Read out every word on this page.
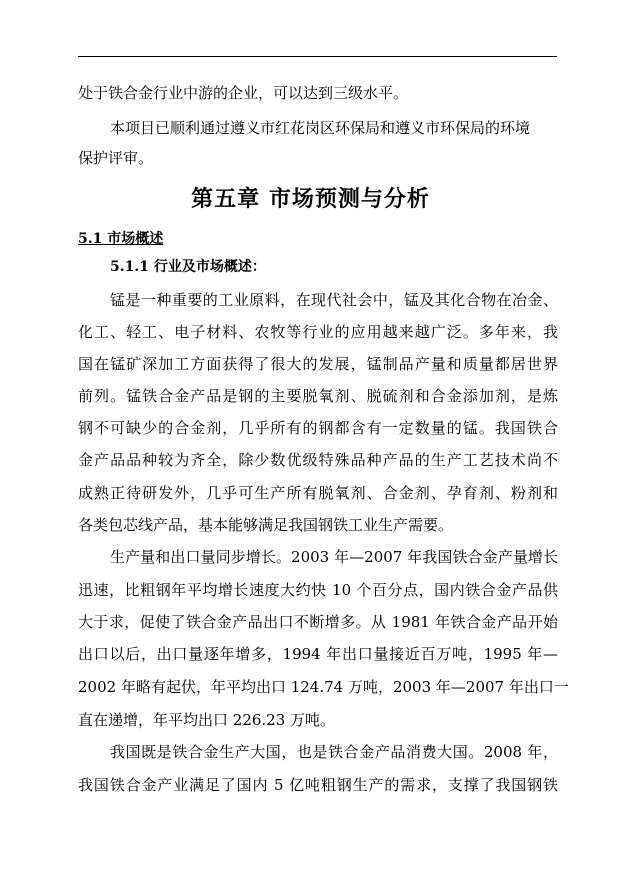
处于铁合金行业中游的企业，可以达到三级水平。
本项目已顺利通过遵义市红花岗区环保局和遵义市环保局的环境
保护评审。
第五章 市场预测与分析
5.1 市场概述
5.1.1 行业及市场概述：
锰是一种重要的工业原料，在现代社会中，锰及其化合物在冶金、
化工、轻工、电子材料、农牧等行业的应用越来越广泛。多年来，我
国在锰矿深加工方面获得了很大的发展，锰制品产量和质量都居世界
前列。锰铁合金产品是钢的主要脱氧剂、脱硫剂和合金添加剂，是炼
钢不可缺少的合金剂，几乎所有的钢都含有一定数量的锰。我国铁合
金产品品种较为齐全，除少数优级特殊品种产品的生产工艺技术尚不
成熟正待研发外，几乎可生产所有脱氧剂、合金剂、孕育剂、粉剂和
各类包芯线产品，基本能够满足我国钢铁工业生产需要。
生产量和出口量同步增长。2003 年—2007 年我国铁合金产量增长
迅速，比粗钢年平均增长速度大约快 10 个百分点，国内铁合金产品供
大于求，促使了铁合金产品出口不断增多。从 1981 年铁合金产品开始
出口以后，出口量逐年增多，1994 年出口量接近百万吨，1995 年—
2002 年略有起伏，年平均出口 124.74 万吨，2003 年—2007 年出口一
直在递增，年平均出口 226.23 万吨。
我国既是铁合金生产大国，也是铁合金产品消费大国。2008 年，
我国铁合金产业满足了国内 5 亿吨粗钢生产的需求，支撑了我国钢铁
